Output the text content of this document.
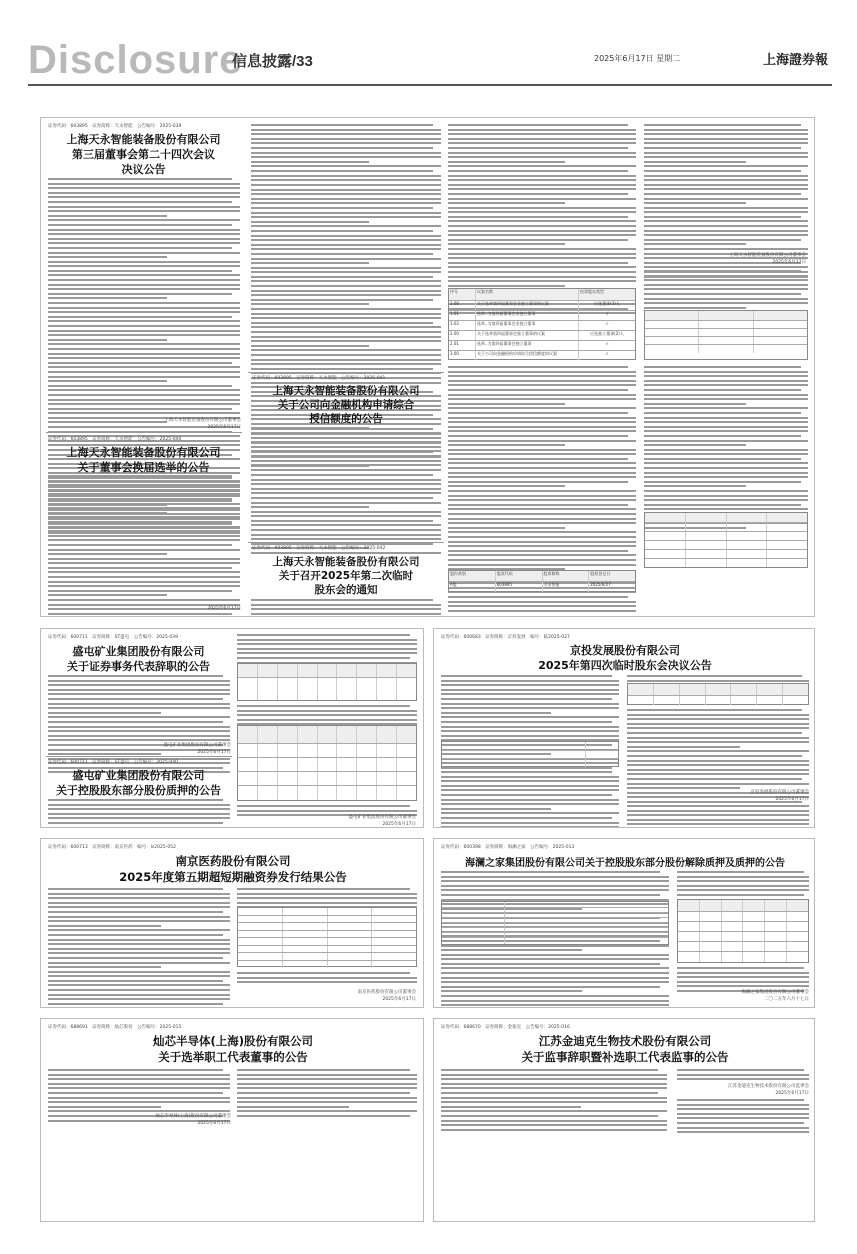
Disclosure
信息披露/33	2025年6月17日 星期二	上海證券報
证券代码：603895　证券简称：天永智能　公告编号：2025-039
上海天永智能装备股份有限公司
第三届董事会第二十四次会议
决议公告
上海天永智能装备股份有限公司董事会
2025年6月17日
证券代码：603895　证券简称：天永智能　公告编号：2025-040
上海天永智能装备股份有限公司
关于董事会换届选举的公告
2025年6月17日
证券代码：603895　证券简称：天永智能　公告编号：2025-041
上海天永智能装备股份有限公司
关于公司向金融机构申请综合
授信额度的公告
证券代码：603895　证券简称：天永智能　公告编号：2025-042
上海天永智能装备股份有限公司
关于召开2025年第二次临时
股东会的通知
序号	议案名称	投票股东类型
1.00	关于选举第四届董事会非独立董事的议案	应选董事(3)人
1.01	选举..为第四届董事会非独立董事	√
1.02	选举..为第四届董事会非独立董事	√
2.00	关于选举第四届董事会独立董事的议案	应选独立董事(2)人
2.01	选举..为第四届董事会独立董事	√
3.00	关于公司向金融机构申请综合授信额度的议案	√
股份类别	股票代码	股票简称	股权登记日
A股	603895	天永智能	2025/6/27
上海天永智能装备股份有限公司董事会
2025年6月17日
证券代码：600711　证券简称：ST盛屯　公告编号：2025-039
盛屯矿业集团股份有限公司
关于证券事务代表辞职的公告
盛屯矿业集团股份有限公司董事会
2025年6月17日
证券代码：600711　证券简称：ST盛屯　公告编号：2025-040
盛屯矿业集团股份有限公司
关于控股股东部分股份质押的公告
盛屯矿业集团股份有限公司董事会
2025年6月17日
证券代码：600683　证券简称：京投发展　编号：临2025-027
京投发展股份有限公司
2025年第四次临时股东会决议公告
京投发展股份有限公司董事会
2025年6月17日
证券代码：600713　证券简称：南京医药　编号：ls2025-052
南京医药股份有限公司
2025年度第五期超短期融资券发行结果公告
南京医药股份有限公司董事会
2025年6月17日
证券代码：600398　证券简称：海澜之家　公告编号：2025-013
海澜之家集团股份有限公司关于控股股东部分股份解除质押及质押的公告
海澜之家集团股份有限公司董事会
二〇二五年六月十七日
证券代码：688691　证券简称：灿芯股份　公告编号：2025-015
灿芯半导体(上海)股份有限公司
关于选举职工代表董事的公告
灿芯半导体(上海)股份有限公司董事会
2025年6月17日
证券代码：688670　证券简称：金迪克　公告编号：2025-016
江苏金迪克生物技术股份有限公司
关于监事辞职暨补选职工代表监事的公告
江苏金迪克生物技术股份有限公司监事会
2025年6月17日
